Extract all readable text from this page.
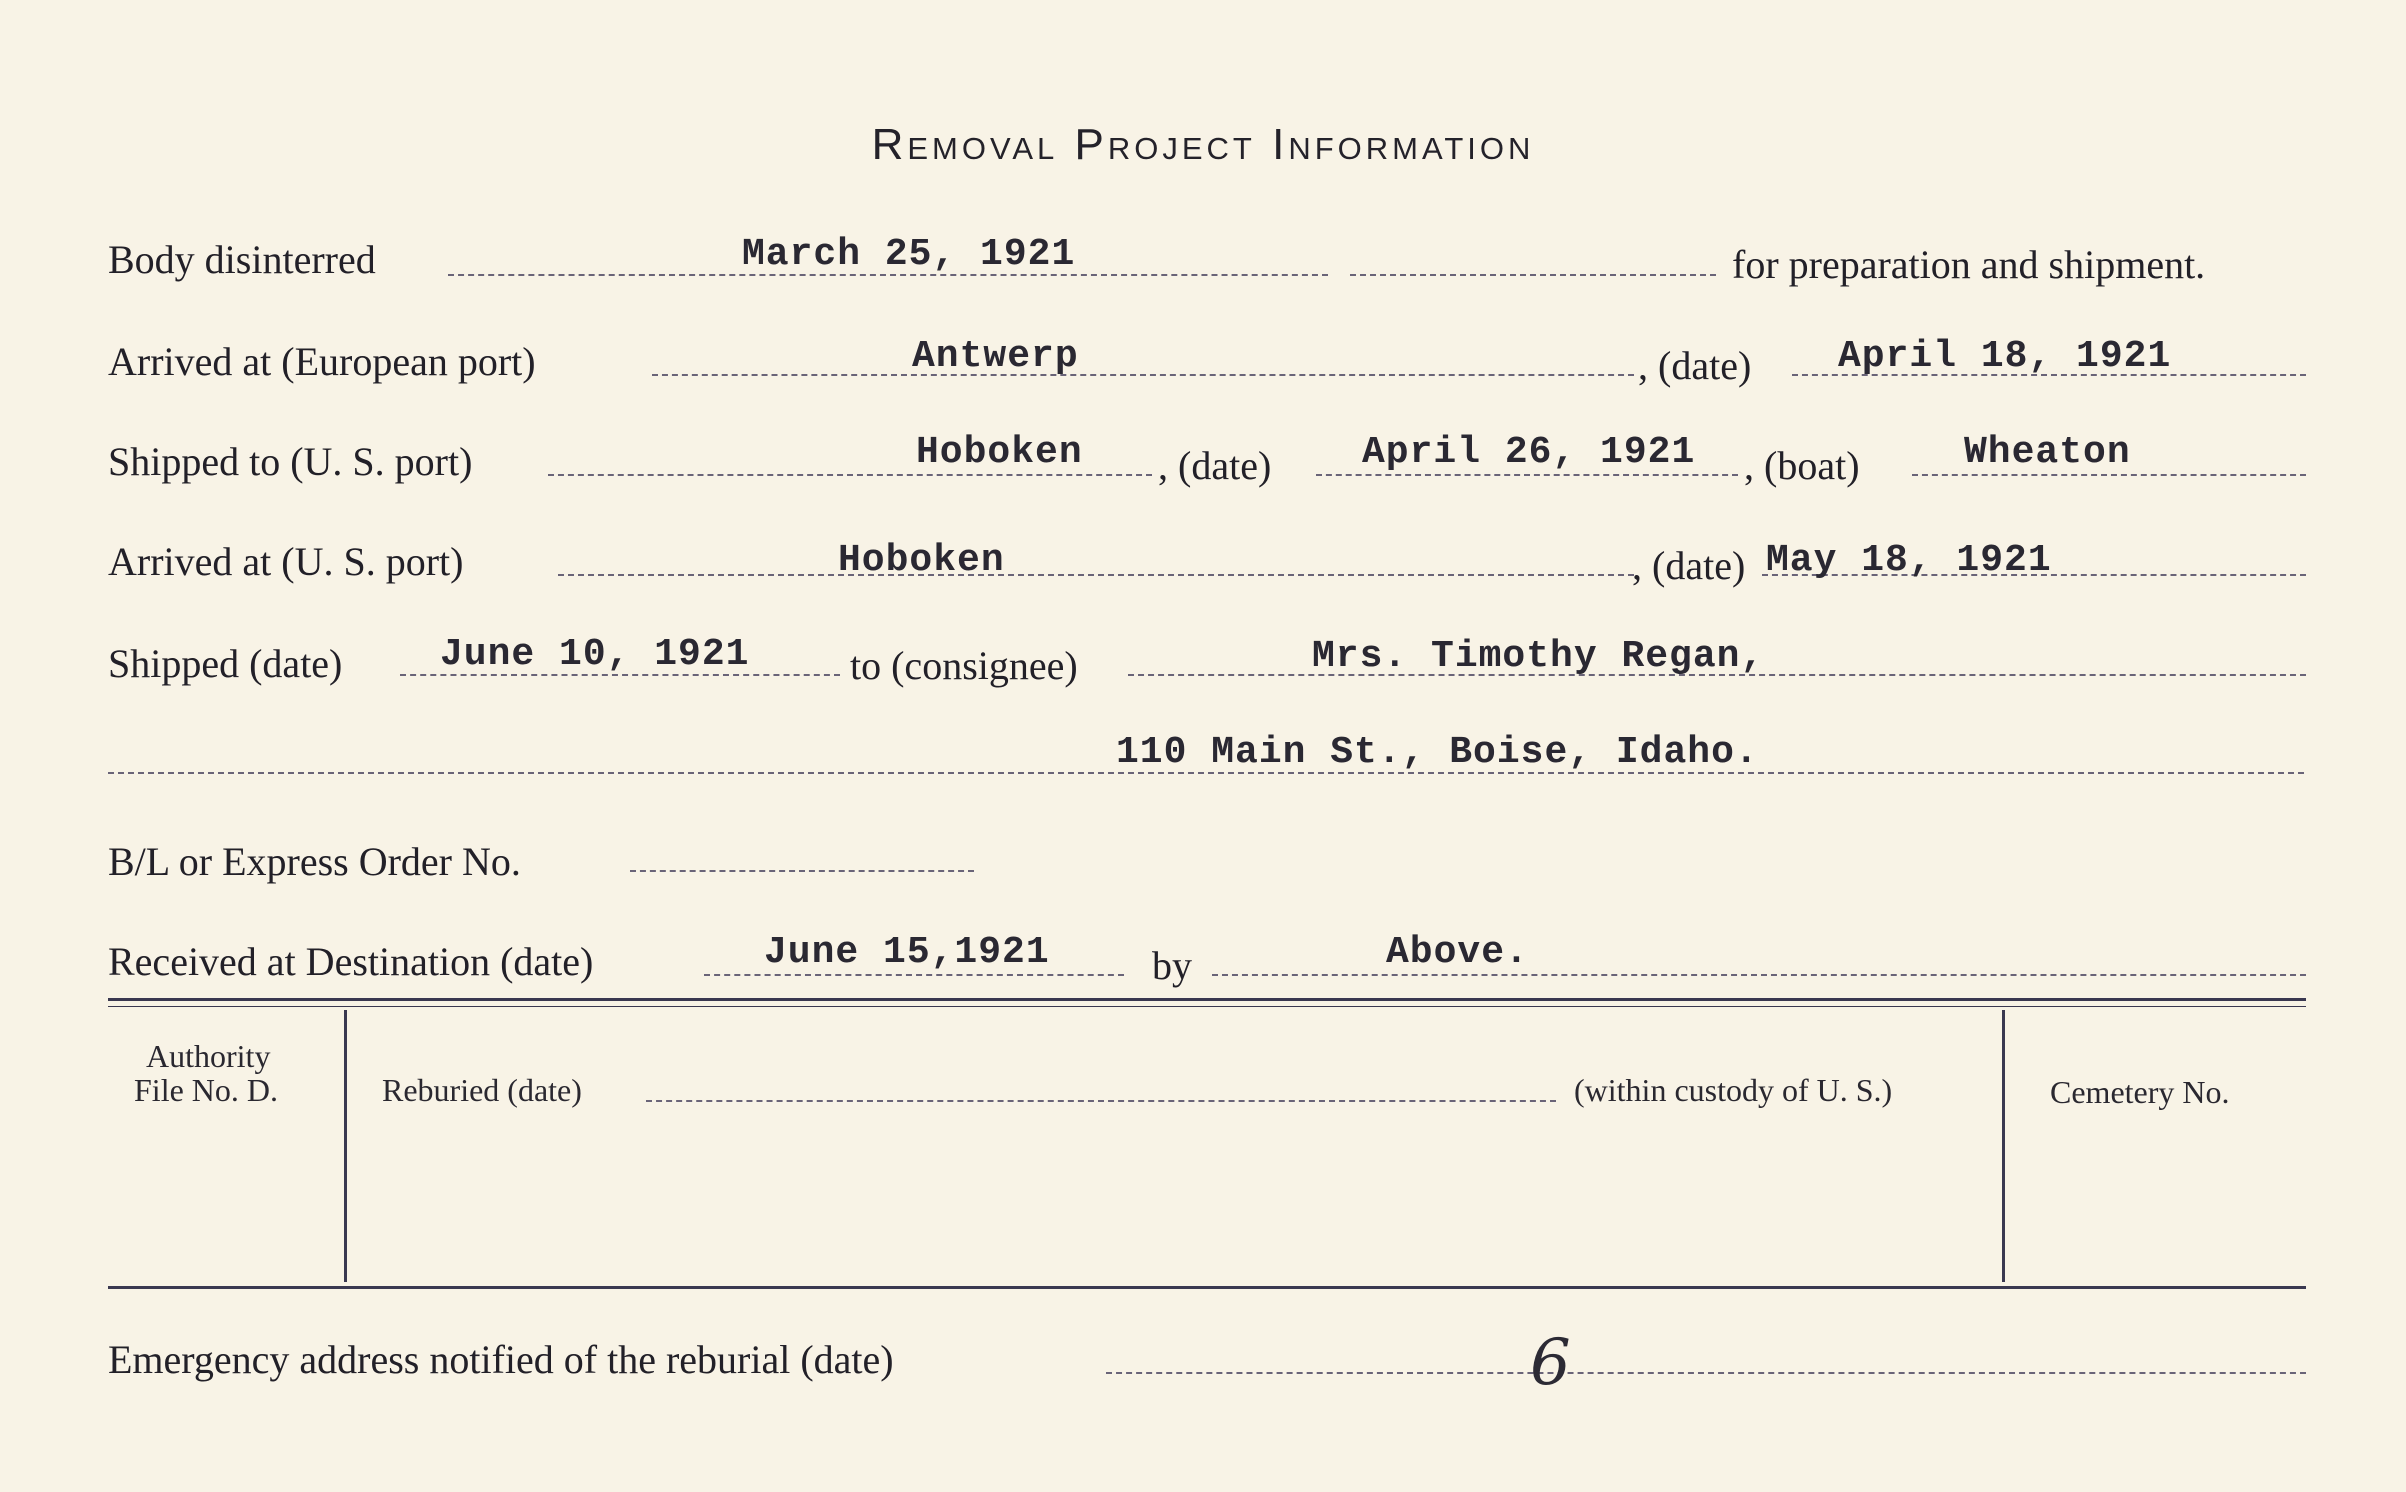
Removal Project Information
Body disinterred	March 25, 1921	for preparation and shipment.
Arrived at (European port)	Antwerp	, (date) April 18, 1921
Shipped to (U. S. port)	Hoboken , (date) April 26, 1921 , (boat)	Wheaton
Arrived at (U. S. port)	Hoboken	, (date) May 18, 1921
Shipped (date)	June 10, 1921	to (consignee)	Mrs. Timothy Regan,
110 Main St., Boise, Idaho.
B/L or Express Order No.
Received at Destination (date)	June 15,1921	by	Above.
Authority
File No. D.	Reburied (date)	(within custody of U. S.)	Cemetery No.
Emergency address notified of the reburial (date)	6
